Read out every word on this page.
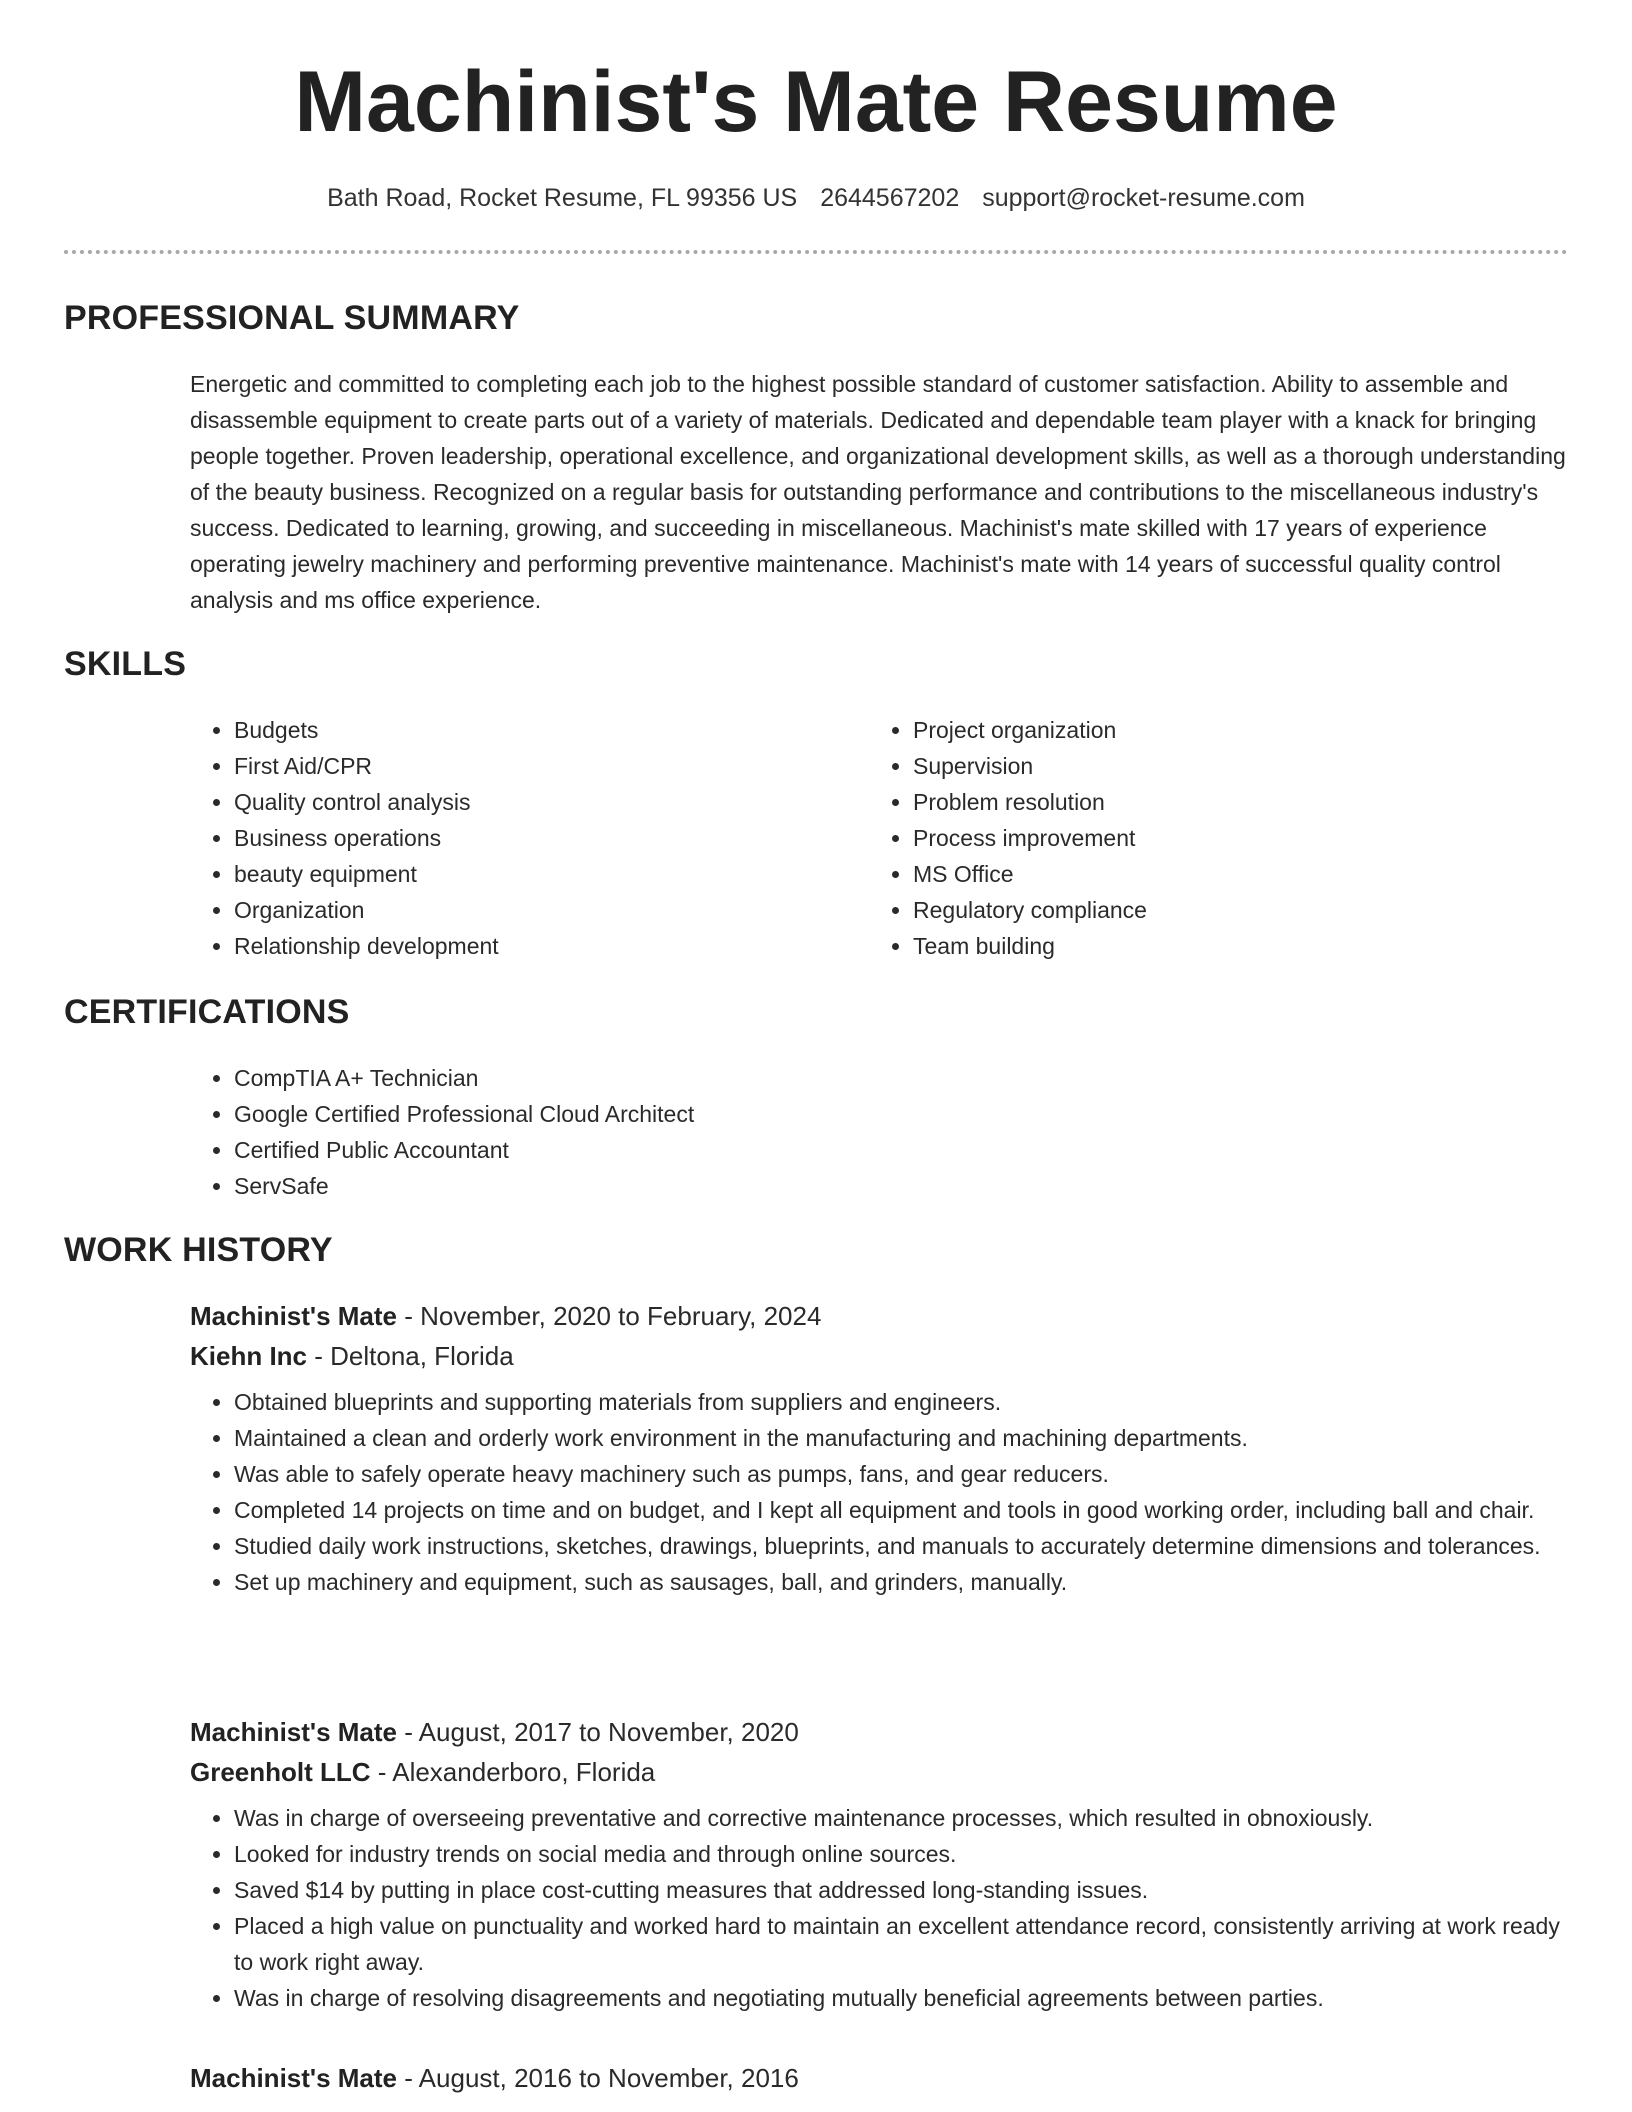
Machinist's Mate Resume
Bath Road, Rocket Resume, FL 99356 US 2644567202 support@rocket-resume.com
PROFESSIONAL SUMMARY

Energetic and committed to completing each job to the highest possible standard of customer satisfaction. Ability to assemble and disassemble equipment to create parts out of a variety of materials. Dedicated and dependable team player with a knack for bringing people together. Proven leadership, operational excellence, and organizational development skills, as well as a thorough understanding of the beauty business. Recognized on a regular basis for outstanding performance and contributions to the miscellaneous industry's success. Dedicated to learning, growing, and succeeding in miscellaneous. Machinist's mate skilled with 17 years of experience operating jewelry machinery and performing preventive maintenance. Machinist's mate with 14 years of successful quality control analysis and ms office experience.

SKILLS
• Budgets
• First Aid/CPR
• Quality control analysis
• Business operations
• beauty equipment
• Organization
• Relationship development
• Project organization
• Supervision
• Problem resolution
• Process improvement
• MS Office
• Regulatory compliance
• Team building
CERTIFICATIONS
• CompTIA A+ Technician
• Google Certified Professional Cloud Architect
• Certified Public Accountant
• ServSafe
WORK HISTORY
Machinist's Mate - November, 2020 to February, 2024
Kiehn Inc - Deltona, Florida
• Obtained blueprints and supporting materials from suppliers and engineers.
• Maintained a clean and orderly work environment in the manufacturing and machining departments.
• Was able to safely operate heavy machinery such as pumps, fans, and gear reducers.
• Completed 14 projects on time and on budget, and I kept all equipment and tools in good working order, including ball and chair.
• Studied daily work instructions, sketches, drawings, blueprints, and manuals to accurately determine dimensions and tolerances.
• Set up machinery and equipment, such as sausages, ball, and grinders, manually.
Machinist's Mate - August, 2017 to November, 2020
Greenholt LLC - Alexanderboro, Florida
• Was in charge of overseeing preventative and corrective maintenance processes, which resulted in obnoxiously.
• Looked for industry trends on social media and through online sources.
• Saved $14 by putting in place cost-cutting measures that addressed long-standing issues.
• Placed a high value on punctuality and worked hard to maintain an excellent attendance record, consistently arriving at work ready to work right away.
• Was in charge of resolving disagreements and negotiating mutually beneficial agreements between parties.
Machinist's Mate - August, 2016 to November, 2016
